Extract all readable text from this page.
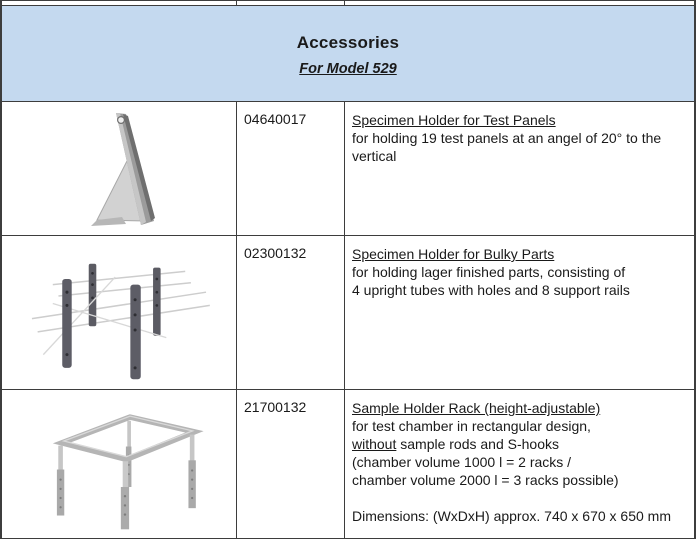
Accessories
For Model 529
04640017	Specimen Holder for Test Panels
for holding 19 test panels at an angel of 20° to the
vertical
02300132	Specimen Holder for Bulky Parts
for holding lager finished parts, consisting of
4 upright tubes with holes and 8 support rails
21700132	Sample Holder Rack (height-adjustable)
for test chamber in rectangular design,
without sample rods and S-hooks
(chamber volume 1000 l = 2 racks /
chamber volume 2000 l = 3 racks possible)
Dimensions: (WxDxH) approx. 740 x 670 x 650 mm
